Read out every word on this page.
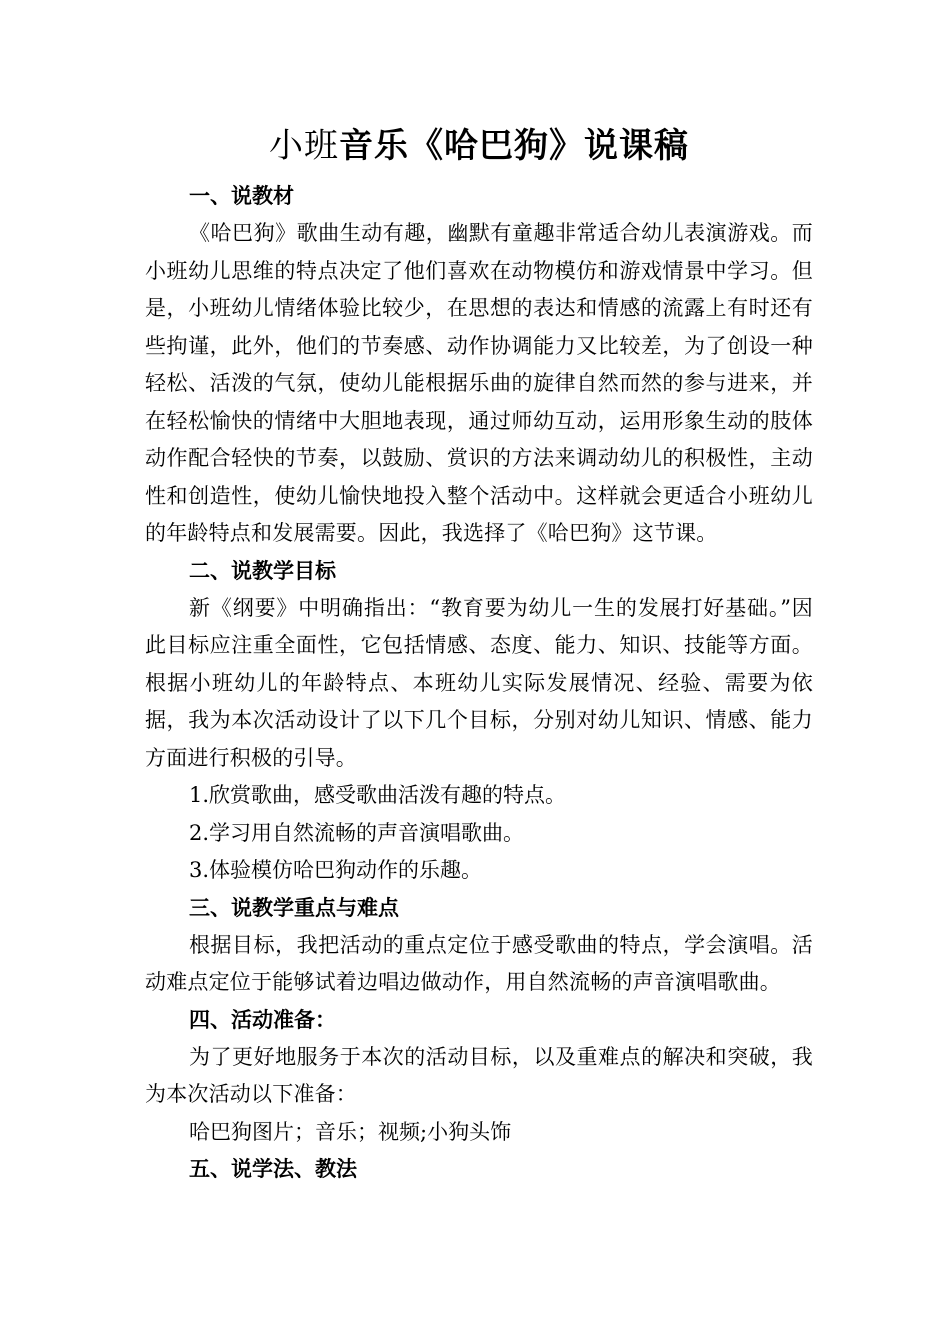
小班音乐《哈巴狗》说课稿

一、说教材

《哈巴狗》歌曲生动有趣，幽默有童趣非常适合幼儿表演游戏。而小班幼儿思维的特点决定了他们喜欢在动物模仿和游戏情景中学习。但是，小班幼儿情绪体验比较少，在思想的表达和情感的流露上有时还有些拘谨，此外，他们的节奏感、动作协调能力又比较差，为了创设一种轻松、活泼的气氛，使幼儿能根据乐曲的旋律自然而然的参与进来，并在轻松愉快的情绪中大胆地表现，通过师幼互动，运用形象生动的肢体动作配合轻快的节奏，以鼓励、赏识的方法来调动幼儿的积极性，主动性和创造性，使幼儿愉快地投入整个活动中。这样就会更适合小班幼儿的年龄特点和发展需要。因此，我选择了《哈巴狗》这节课。

二、说教学目标

新《纲要》中明确指出：“教育要为幼儿一生的发展打好基础。”因此目标应注重全面性，它包括情感、态度、能力、知识、技能等方面。根据小班幼儿的年龄特点、本班幼儿实际发展情况、经验、需要为依据，我为本次活动设计了以下几个目标，分别对幼儿知识、情感、能力方面进行积极的引导。

1.欣赏歌曲，感受歌曲活泼有趣的特点。

2.学习用自然流畅的声音演唱歌曲。

3.体验模仿哈巴狗动作的乐趣。

三、说教学重点与难点

根据目标，我把活动的重点定位于感受歌曲的特点，学会演唱。活动难点定位于能够试着边唱边做动作，用自然流畅的声音演唱歌曲。

四、活动准备：

为了更好地服务于本次的活动目标，以及重难点的解决和突破，我为本次活动以下准备：

哈巴狗图片；音乐；视频;小狗头饰

五、说学法、教法
